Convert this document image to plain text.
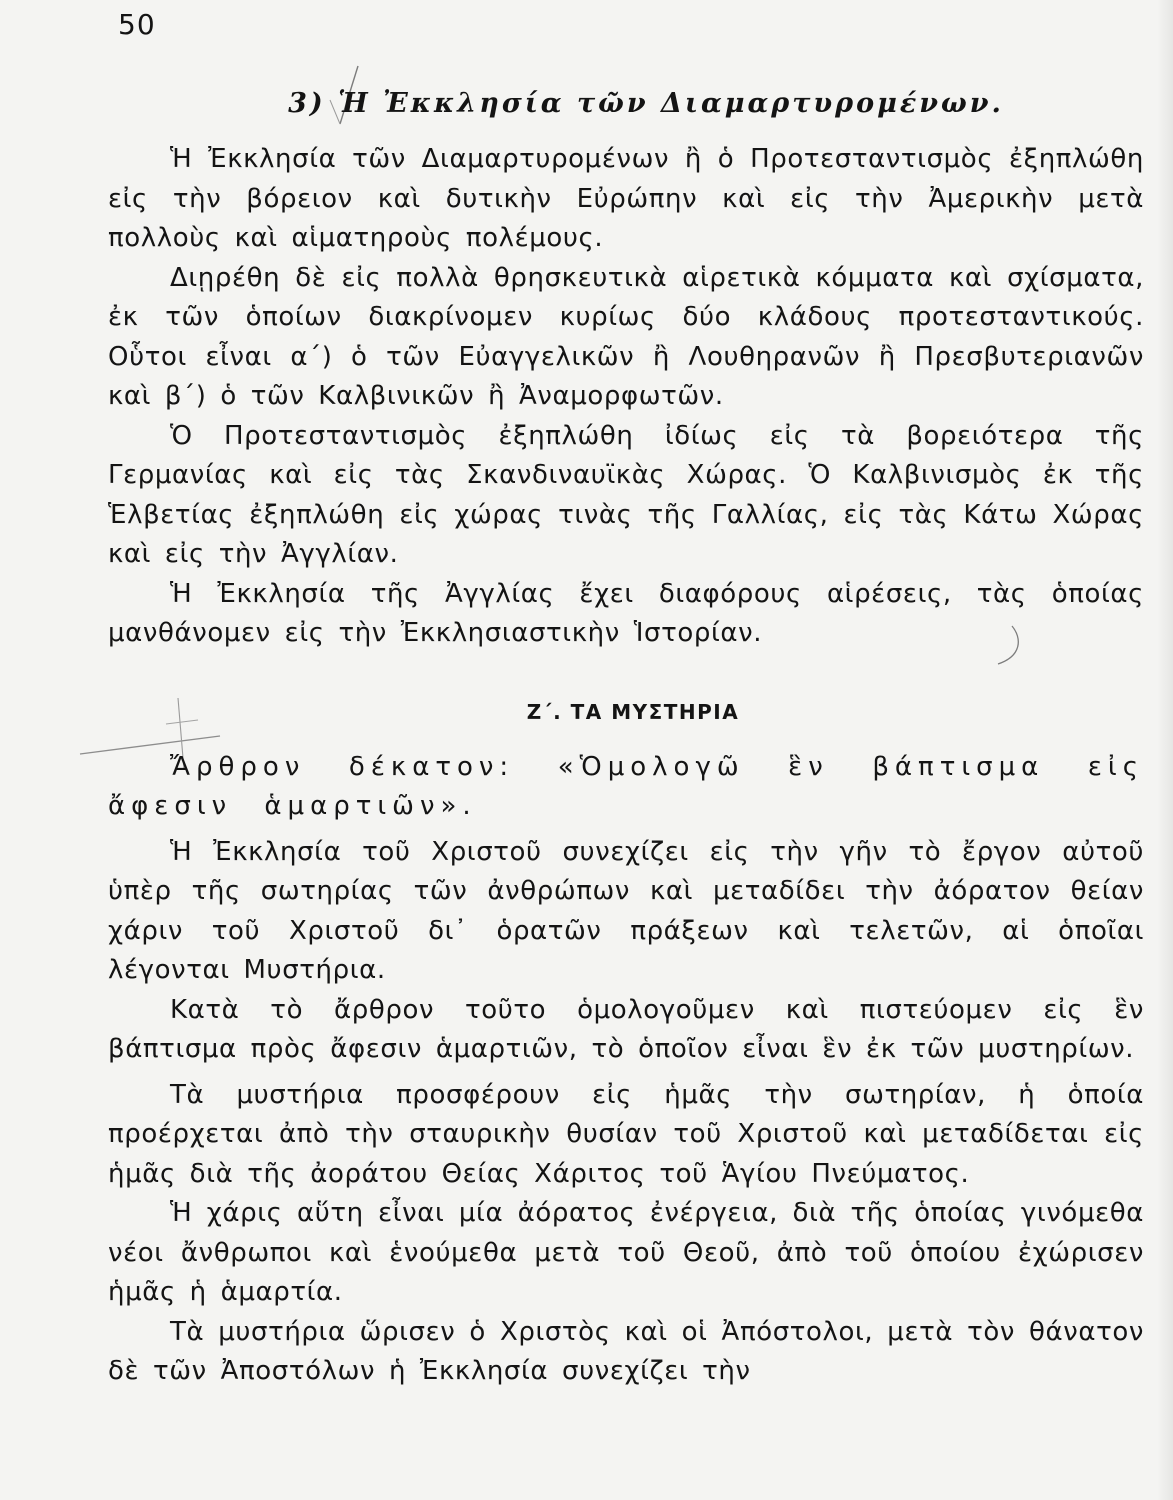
50
3) Ἡ Ἐκκλησία τῶν Διαμαρτυρομένων.

Ἡ Ἐκκλησία τῶν Διαμαρτυρομένων ἢ ὁ Προτεσταντισμὸς ἐξηπλώθη εἰς τὴν βόρειον καὶ δυτικὴν Εὐρώπην καὶ εἰς τὴν Ἀμερικὴν μετὰ πολλοὺς καὶ αἱματηροὺς πολέμους.

Διῃρέθη δὲ εἰς πολλὰ θρησκευτικὰ αἱρετικὰ κόμματα καὶ σχίσματα, ἐκ τῶν ὁποίων διακρίνομεν κυρίως δύο κλάδους προτεσταντικούς. Οὗτοι εἶναι α΄) ὁ τῶν Εὐαγγελικῶν ἢ Λουθηρανῶν ἢ Πρεσβυτεριανῶν καὶ β΄) ὁ τῶν Καλβινικῶν ἢ Ἀναμορφωτῶν.

Ὁ Προτεσταντισμὸς ἐξηπλώθη ἰδίως εἰς τὰ βορειότερα τῆς Γερμανίας καὶ εἰς τὰς Σκανδιναυϊκὰς Χώρας. Ὁ Καλβινισμὸς ἐκ τῆς Ἑλβετίας ἐξηπλώθη εἰς χώρας τινὰς τῆς Γαλλίας, εἰς τὰς Κάτω Χώρας καὶ εἰς τὴν Ἀγγλίαν.

Ἡ Ἐκκλησία τῆς Ἀγγλίας ἔχει διαφόρους αἱρέσεις, τὰς ὁποίας μανθάνομεν εἰς τὴν Ἐκκλησιαστικὴν Ἱστορίαν.

Ζ΄. ΤΑ ΜΥΣΤΗΡΙΑ

Ἄρθρον δέκατον: «Ὁμολογῶ ἓν βάπτισμα εἰς ἄφεσιν ἁμαρτιῶν».

Ἡ Ἐκκλησία τοῦ Χριστοῦ συνεχίζει εἰς τὴν γῆν τὸ ἔργον αὐτοῦ ὑπὲρ τῆς σωτηρίας τῶν ἀνθρώπων καὶ μεταδίδει τὴν ἀόρατον θείαν χάριν τοῦ Χριστοῦ δι᾿ ὁρατῶν πράξεων καὶ τελετῶν, αἱ ὁποῖαι λέγονται Μυστήρια.

Κατὰ τὸ ἄρθρον τοῦτο ὁμολογοῦμεν καὶ πιστεύομεν εἰς ἓν βάπτισμα πρὸς ἄφεσιν ἁμαρτιῶν, τὸ ὁποῖον εἶναι ἓν ἐκ τῶν μυστηρίων.

Τὰ μυστήρια προσφέρουν εἰς ἡμᾶς τὴν σωτηρίαν, ἡ ὁποία προέρχεται ἀπὸ τὴν σταυρικὴν θυσίαν τοῦ Χριστοῦ καὶ μεταδίδεται εἰς ἡμᾶς διὰ τῆς ἀοράτου Θείας Χάριτος τοῦ Ἁγίου Πνεύματος.

Ἡ χάρις αὕτη εἶναι μία ἀόρατος ἐνέργεια, διὰ τῆς ὁποίας γινόμεθα νέοι ἄνθρωποι καὶ ἑνούμεθα μετὰ τοῦ Θεοῦ, ἀπὸ τοῦ ὁποίου ἐχώρισεν ἡμᾶς ἡ ἁμαρτία.

Τὰ μυστήρια ὥρισεν ὁ Χριστὸς καὶ οἱ Ἀπόστολοι, μετὰ τὸν θάνατον δὲ τῶν Ἀποστόλων ἡ Ἐκκλησία συνεχίζει τὴν
